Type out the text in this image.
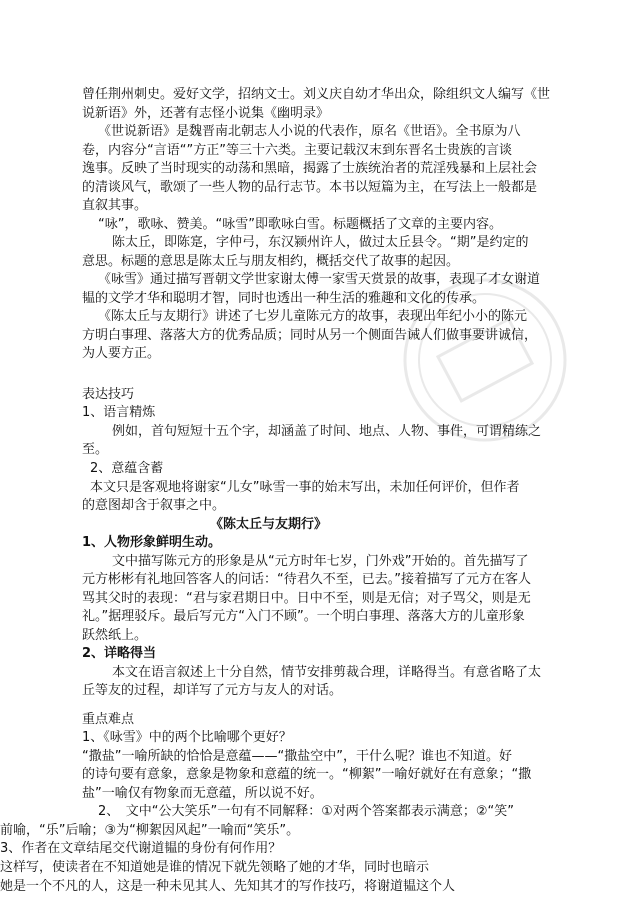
曾任荆州刺史。爱好文学，招纳文士。刘义庆自幼才华出众，除组织文人编写《世
说新语》外，还著有志怪小说集《幽明录》
《世说新语》是魏晋南北朝志人小说的代表作，原名《世语》。全书原为八
卷，内容分“言语“”方正”等三十六类。主要记载汉末到东晋名士贵族的言谈
逸事。反映了当时现实的动荡和黑暗，揭露了士族统治者的荒淫残暴和上层社会
的清谈风气，歌颂了一些人物的品行志节。本书以短篇为主，在写法上一般都是
直叙其事。
“咏”，歌咏、赞美。“咏雪”即歌咏白雪。标题概括了文章的主要内容。
陈太丘，即陈寔，字仲弓，东汉颍州许人，做过太丘县令。“期”是约定的
意思。标题的意思是陈太丘与朋友相约，概括交代了故事的起因。
《咏雪》通过描写晋朝文学世家谢太傅一家雪天赏景的故事，表现了才女谢道
韫的文学才华和聪明才智，同时也透出一种生活的雅趣和文化的传承。
《陈太丘与友期行》讲述了七岁儿童陈元方的故事，表现出年纪小小的陈元
方明白事理、落落大方的优秀品质；同时从另一个侧面告诫人们做事要讲诚信，
为人要方正。
表达技巧
1、语言精炼
例如，首句短短十五个字，却涵盖了时间、地点、人物、事件，可谓精练之
至。
2、意蕴含蓄
本文只是客观地将谢家“儿女”咏雪一事的始末写出，未加任何评价，但作者
的意图却含于叙事之中。
《陈太丘与友期行》
1、人物形象鲜明生动。
文中描写陈元方的形象是从“元方时年七岁，门外戏”开始的。首先描写了
元方彬彬有礼地回答客人的问话：“待君久不至，已去。”接着描写了元方在客人
骂其父时的表现：“君与家君期日中。日中不至，则是无信；对子骂父，则是无
礼。”据理驳斥。最后写元方“入门不顾”。一个明白事理、落落大方的儿童形象
跃然纸上。
2、详略得当
本文在语言叙述上十分自然，情节安排剪裁合理，详略得当。有意省略了太
丘等友的过程，却详写了元方与友人的对话。
重点难点
1、《咏雪》中的两个比喻哪个更好？
“撒盐”一喻所缺的恰恰是意蕴——“撒盐空中”，干什么呢？谁也不知道。好
的诗句要有意象，意象是物象和意蕴的统一。“柳絮”一喻好就好在有意象；“撒
盐”一喻仅有物象而无意蕴，所以说不好。
2、　文中“公大笑乐”一句有不同解释：①对两个答案都表示满意；②“笑”
前喻，“乐”后喻；③为“柳絮因风起”一喻而“笑乐”。
3、作者在文章结尾交代谢道韫的身份有何作用？
这样写，使读者在不知道她是谁的情况下就先领略了她的才华，同时也暗示
她是一个不凡的人，这是一种未见其人、先知其才的写作技巧，将谢道韫这个人
